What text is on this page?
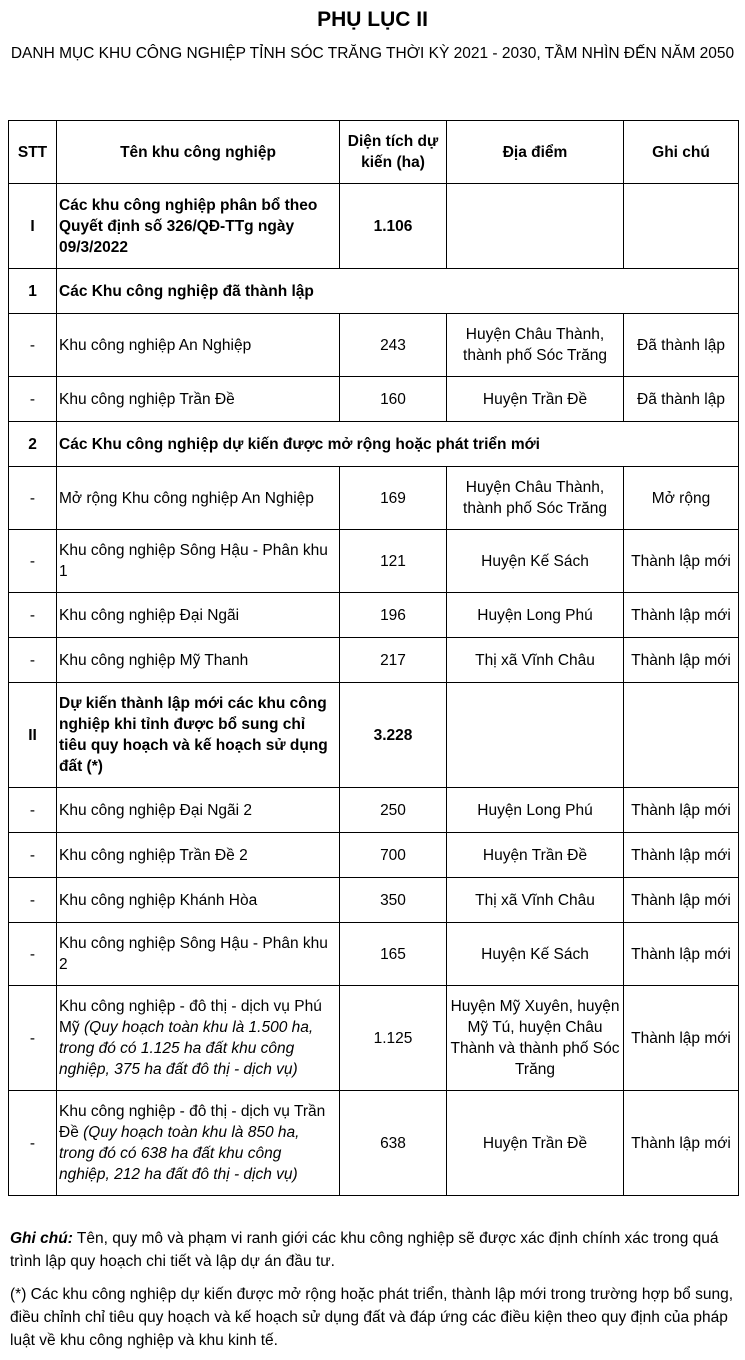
PHỤ LỤC II
DANH MỤC KHU CÔNG NGHIỆP TỈNH SÓC TRĂNG THỜI KỲ 2021 - 2030, TẦM NHÌN ĐẾN NĂM 2050
STT	Tên khu công nghiệp	Diện tích dự kiến (ha)	Địa điểm	Ghi chú
I	Các khu công nghiệp phân bổ theo Quyết định số 326/QĐ-TTg ngày 09/3/2022	1.106		
1	Các Khu công nghiệp đã thành lập			
-	Khu công nghiệp An Nghiệp	243	Huyện Châu Thành, thành phố Sóc Trăng	Đã thành lập
-	Khu công nghiệp Trần Đề	160	Huyện Trần Đề	Đã thành lập
2	Các Khu công nghiệp dự kiến được mở rộng hoặc phát triển mới			
-	Mở rộng Khu công nghiệp An Nghiệp	169	Huyện Châu Thành, thành phố Sóc Trăng	Mở rộng
-	Khu công nghiệp Sông Hậu - Phân khu 1	121	Huyện Kế Sách	Thành lập mới
-	Khu công nghiệp Đại Ngãi	196	Huyện Long Phú	Thành lập mới
-	Khu công nghiệp Mỹ Thanh	217	Thị xã Vĩnh Châu	Thành lập mới
II	Dự kiến thành lập mới các khu công nghiệp khi tỉnh được bổ sung chỉ tiêu quy hoạch và kế hoạch sử dụng đất (*)	3.228		
-	Khu công nghiệp Đại Ngãi 2	250	Huyện Long Phú	Thành lập mới
-	Khu công nghiệp Trần Đề 2	700	Huyện Trần Đề	Thành lập mới
-	Khu công nghiệp Khánh Hòa	350	Thị xã Vĩnh Châu	Thành lập mới
-	Khu công nghiệp Sông Hậu - Phân khu 2	165	Huyện Kế Sách	Thành lập mới
-	Khu công nghiệp - đô thị - dịch vụ Phú Mỹ (Quy hoạch toàn khu là 1.500 ha, trong đó có 1.125 ha đất khu công nghiệp, 375 ha đất đô thị - dịch vụ)	1.125	Huyện Mỹ Xuyên, huyện Mỹ Tú, huyện Châu Thành và thành phố Sóc Trăng	Thành lập mới
-	Khu công nghiệp - đô thị - dịch vụ Trần Đề (Quy hoạch toàn khu là 850 ha, trong đó có 638 ha đất khu công nghiệp, 212 ha đất đô thị - dịch vụ)	638	Huyện Trần Đề	Thành lập mới
Ghi chú: Tên, quy mô và phạm vi ranh giới các khu công nghiệp sẽ được xác định chính xác trong quá trình lập quy hoạch chi tiết và lập dự án đầu tư.
(*) Các khu công nghiệp dự kiến được mở rộng hoặc phát triển, thành lập mới trong trường hợp bổ sung, điều chỉnh chỉ tiêu quy hoạch và kế hoạch sử dụng đất và đáp ứng các điều kiện theo quy định của pháp luật về khu công nghiệp và khu kinh tế.
